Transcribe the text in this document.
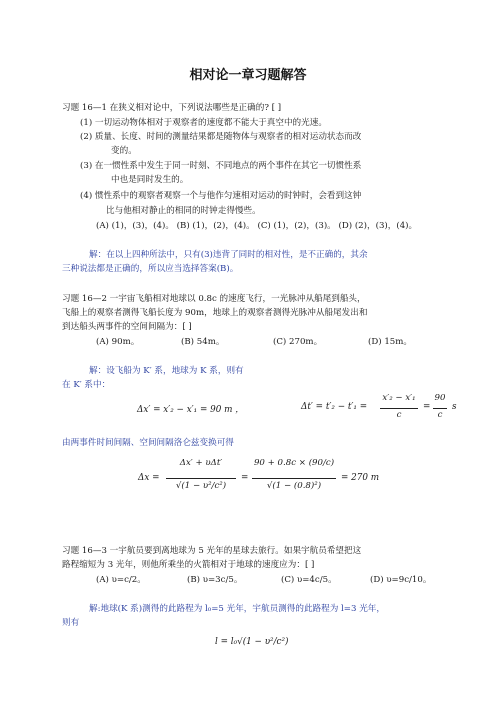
相对论一章习题解答
习题 16—1 在狭义相对论中，下列说法哪些是正确的? [ ]
(1) 一切运动物体相对于观察者的速度都不能大于真空中的光速。
(2) 质量、长度、时间的测量结果都是随物体与观察者的相对运动状态而改
变的。
(3) 在一惯性系中发生于同一时刻、不同地点的两个事件在其它一切惯性系
中也是同时发生的。
(4) 惯性系中的观察者观察一个与他作匀速相对运动的时钟时，会看到这钟
比与他相对静止的相同的时钟走得慢些。
(A) (1)，(3)，(4)。 (B) (1)，(2)，(4)。 (C) (1)，(2)，(3)。 (D) (2)，(3)，(4)。
解：在以上四种所法中，只有(3)违背了同时的相对性，是不正确的，其余
三种说法都是正确的，所以应当选择答案(B)。
习题 16—2 一宇宙飞船相对地球以 0.8c 的速度飞行，一光脉冲从船尾到船头，
飞船上的观察者测得飞船长度为 90m，地球上的观察者测得光脉冲从船尾发出和
到达船头两事件的空间间隔为：[ ]
(A) 90m。	(B) 54m。	(C) 270m。	(D) 15m。
解：设飞船为 K′ 系，地球为 K 系，则有
在 K′ 系中：
Δx′ = x′₂ − x′₁ = 90 m ，	Δt′ = t′₂ − t′₁ =
x′₂ − x′₁
c
=
90
c
s
由两事件时间间隔、空间间隔洛仑兹变换可得
Δx =
Δx′ + υΔt′
√(1 − υ²/c²)
=
90 + 0.8c × (90/c)
√(1 − (0.8)²)
= 270 m
习题 16—3 一宇航员要到离地球为 5 光年的星球去旅行。如果宇航员希望把这
路程缩短为 3 光年，则他所乘坐的火箭相对于地球的速度应为：[ ]
(A) υ=c/2。	(B) υ=3c/5。	(C) υ=4c/5。	(D) υ=9c/10。
解:地球(K 系)测得的此路程为 l₀=5 光年，宇航员测得的此路程为 l=3 光年，
则有
l = l₀√(1 − υ²/c²)
